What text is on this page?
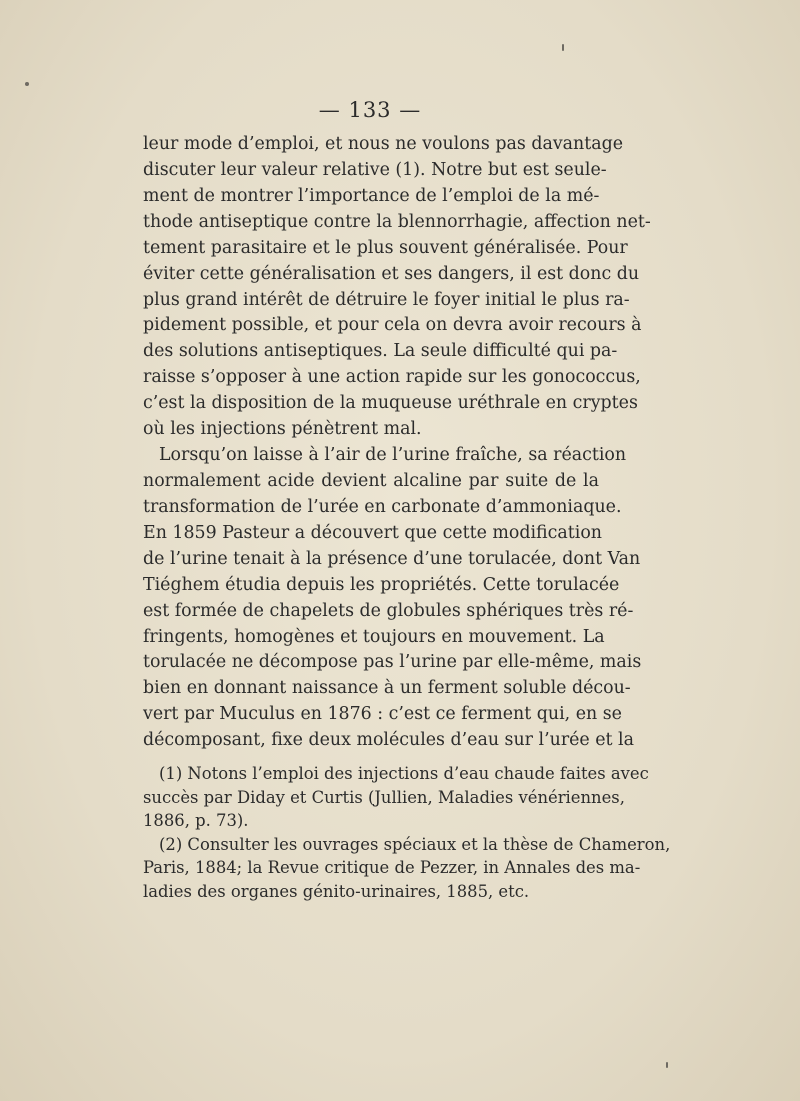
— 133 —
leur mode d’emploi, et nous ne voulons pas davantage
discuter leur valeur relative (1). Notre but est seule-
ment de montrer l’importance de l’emploi de la mé-
thode antiseptique contre la blennorrhagie, affection net-
tement parasitaire et le plus souvent généralisée. Pour
éviter cette généralisation et ses dangers, il est donc du
plus grand intérêt de détruire le foyer initial le plus ra-
pidement possible, et pour cela on devra avoir recours à
des solutions antiseptiques. La seule difficulté qui pa-
raisse s’opposer à une action rapide sur les gonococcus,
c’est la disposition de la muqueuse uréthrale en cryptes
où les injections pénètrent mal.
Lorsqu’on laisse à l’air de l’urine fraîche, sa réaction
normalement acide devient alcaline par suite de la
transformation de l’urée en carbonate d’ammoniaque.
En 1859 Pasteur a découvert que cette modification
de l’urine tenait à la présence d’une torulacée, dont Van
Tiéghem étudia depuis les propriétés. Cette torulacée
est formée de chapelets de globules sphériques très ré-
fringents, homogènes et toujours en mouvement. La
torulacée ne décompose pas l’urine par elle-même, mais
bien en donnant naissance à un ferment soluble décou-
vert par Muculus en 1876 : c’est ce ferment qui, en se
décomposant, fixe deux molécules d’eau sur l’urée et la
(1) Notons l’emploi des injections d’eau chaude faites avec
succès par Diday et Curtis (Jullien, Maladies vénériennes,
1886, p. 73).
(2) Consulter les ouvrages spéciaux et la thèse de Chameron,
Paris, 1884; la Revue critique de Pezzer, in Annales des ma-
ladies des organes génito-urinaires, 1885, etc.
